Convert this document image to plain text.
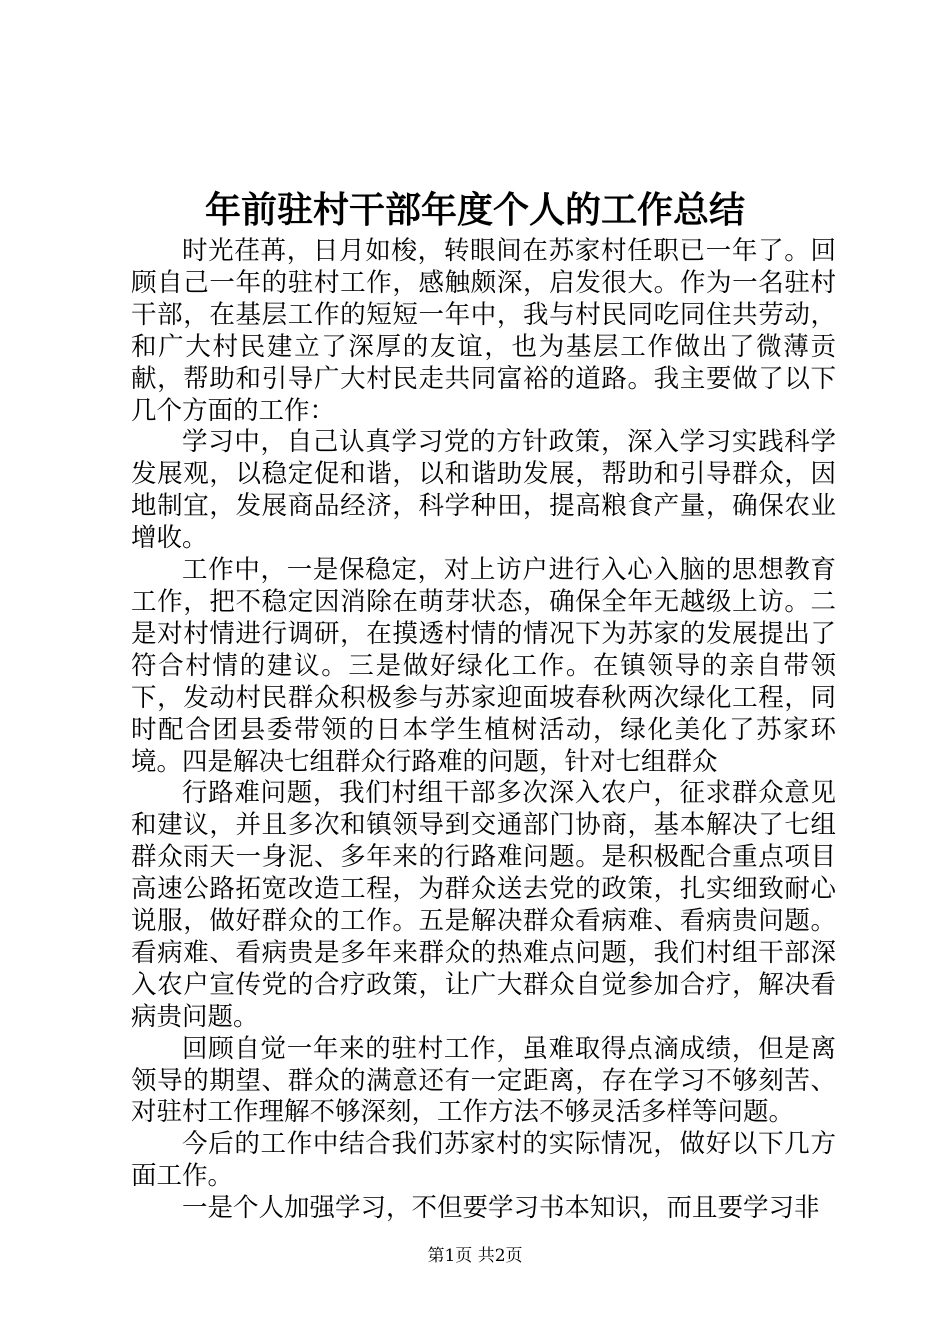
年前驻村干部年度个人的工作总结

时光荏苒，日月如梭，转眼间在苏家村任职已一年了。回顾自己一年的驻村工作，感触颇深，启发很大。作为一名驻村干部，在基层工作的短短一年中，我与村民同吃同住共劳动，和广大村民建立了深厚的友谊，也为基层工作做出了微薄贡献，帮助和引导广大村民走共同富裕的道路。我主要做了以下几个方面的工作：

学习中，自己认真学习党的方针政策，深入学习实践科学发展观，以稳定促和谐，以和谐助发展，帮助和引导群众，因地制宜，发展商品经济，科学种田，提高粮食产量，确保农业增收。

工作中，一是保稳定，对上访户进行入心入脑的思想教育工作，把不稳定因消除在萌芽状态，确保全年无越级上访。二是对村情进行调研，在摸透村情的情况下为苏家的发展提出了符合村情的建议。三是做好绿化工作。在镇领导的亲自带领下，发动村民群众积极参与苏家迎面坡春秋两次绿化工程，同时配合团县委带领的日本学生植树活动，绿化美化了苏家环境。四是解决七组群众行路难的问题，针对七组群众

行路难问题，我们村组干部多次深入农户，征求群众意见和建议，并且多次和镇领导到交通部门协商，基本解决了七组群众雨天一身泥、多年来的行路难问题。是积极配合重点项目高速公路拓宽改造工程，为群众送去党的政策，扎实细致耐心说服，做好群众的工作。五是解决群众看病难、看病贵问题。看病难、看病贵是多年来群众的热难点问题，我们村组干部深入农户宣传党的合疗政策，让广大群众自觉参加合疗，解决看病贵问题。

回顾自觉一年来的驻村工作，虽难取得点滴成绩，但是离领导的期望、群众的满意还有一定距离，存在学习不够刻苦、对驻村工作理解不够深刻，工作方法不够灵活多样等问题。

今后的工作中结合我们苏家村的实际情况，做好以下几方面工作。

一是个人加强学习，不但要学习书本知识，而且要学习非

第1页 共2页
